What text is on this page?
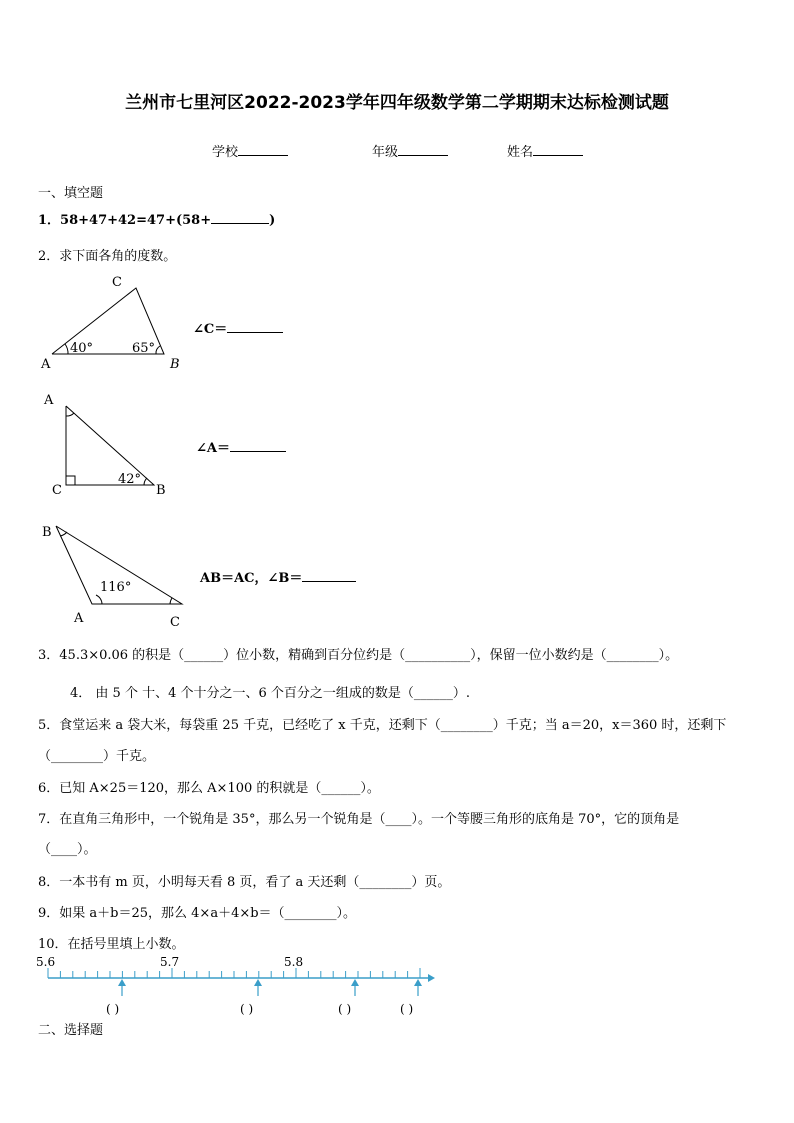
兰州市七里河区2022-2023学年四年级数学第二学期期末达标检测试题
学校	年级	姓名
一、填空题
1．58+47+42=47+(58+	)
2．求下面各角的度数。
A	B
C
40°	65°
∠C＝
A
B
C
42°
∠A＝
B
A	C
116°
AB＝AC，∠B＝
3．45.3×0.06 的积是（______）位小数，精确到百分位约是（__________），保留一位小数约是（________）。
4． 由 5 个 十、4 个十分之一、6 个百分之一组成的数是（______）.
5．食堂运来 a 袋大米，每袋重 25 千克，已经吃了 x 千克，还剩下（________）千克；当 a＝20，x＝360 时，还剩下
（________）千克。
6．已知 A×25＝120，那么 A×100 的积就是（______）。
7．在直角三角形中，一个锐角是 35°，那么另一个锐角是（____）。一个等腰三角形的底角是 70°，它的顶角是
（____）。
8．一本书有 m 页，小明每天看 8 页，看了 a 天还剩（________）页。
9．如果 a＋b＝25，那么 4×a＋4×b＝（________）。
10．在括号里填上小数。
5.6	5.7	5.8
( )	( )	( )	( )
二、选择题
